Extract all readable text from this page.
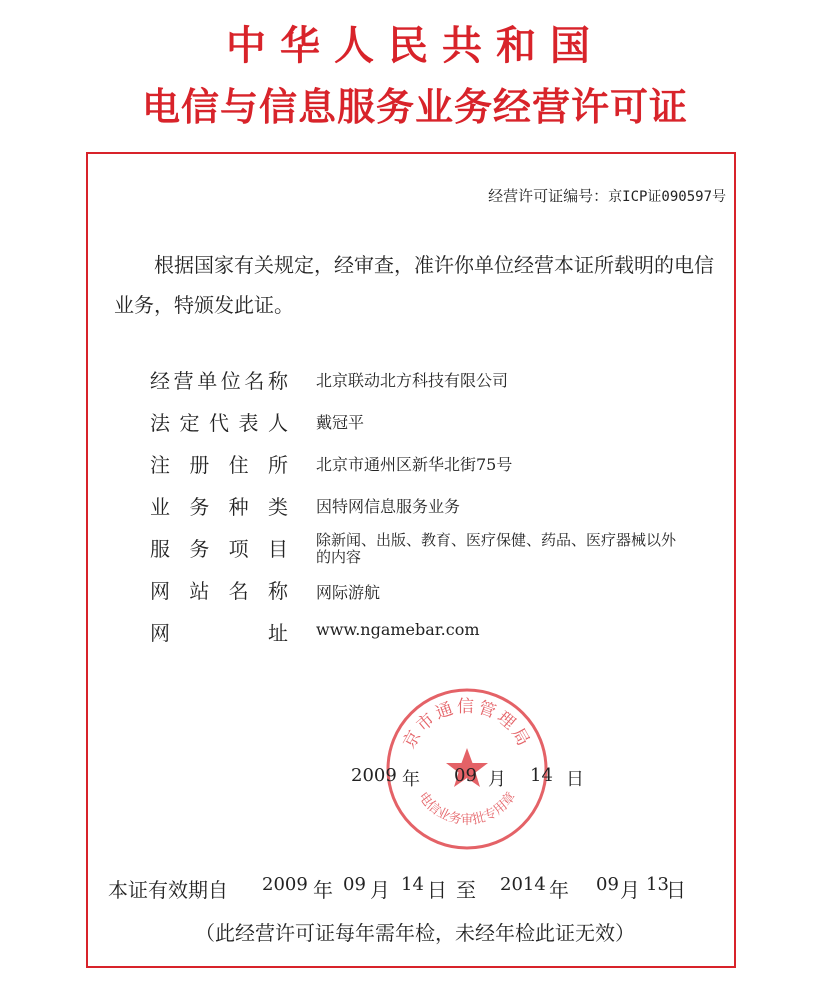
中华人民共和国
电信与信息服务业务经营许可证
经营许可证编号：京ICP证090597号
根据国家有关规定，经审查，准许你单位经营本证所载明的电信业务，特颁发此证。
经营单位名称 北京联动北方科技有限公司
法定代表人 戴冠平
注册住所 北京市通州区新华北街75号
业务种类 因特网信息服务业务
服务项目 除新闻、出版、教育、医疗保健、药品、医疗器械以外的内容
网站名称 网际游航
网址 www.ngamebar.com
京市通信管理局
电信业务审批专用章
2009 年 09 月 14 日
本证有效期自 2009 年 09 月 14 日 至 2014 年 09 月 13
日
（此经营许可证每年需年检，未经年检此证无效）
